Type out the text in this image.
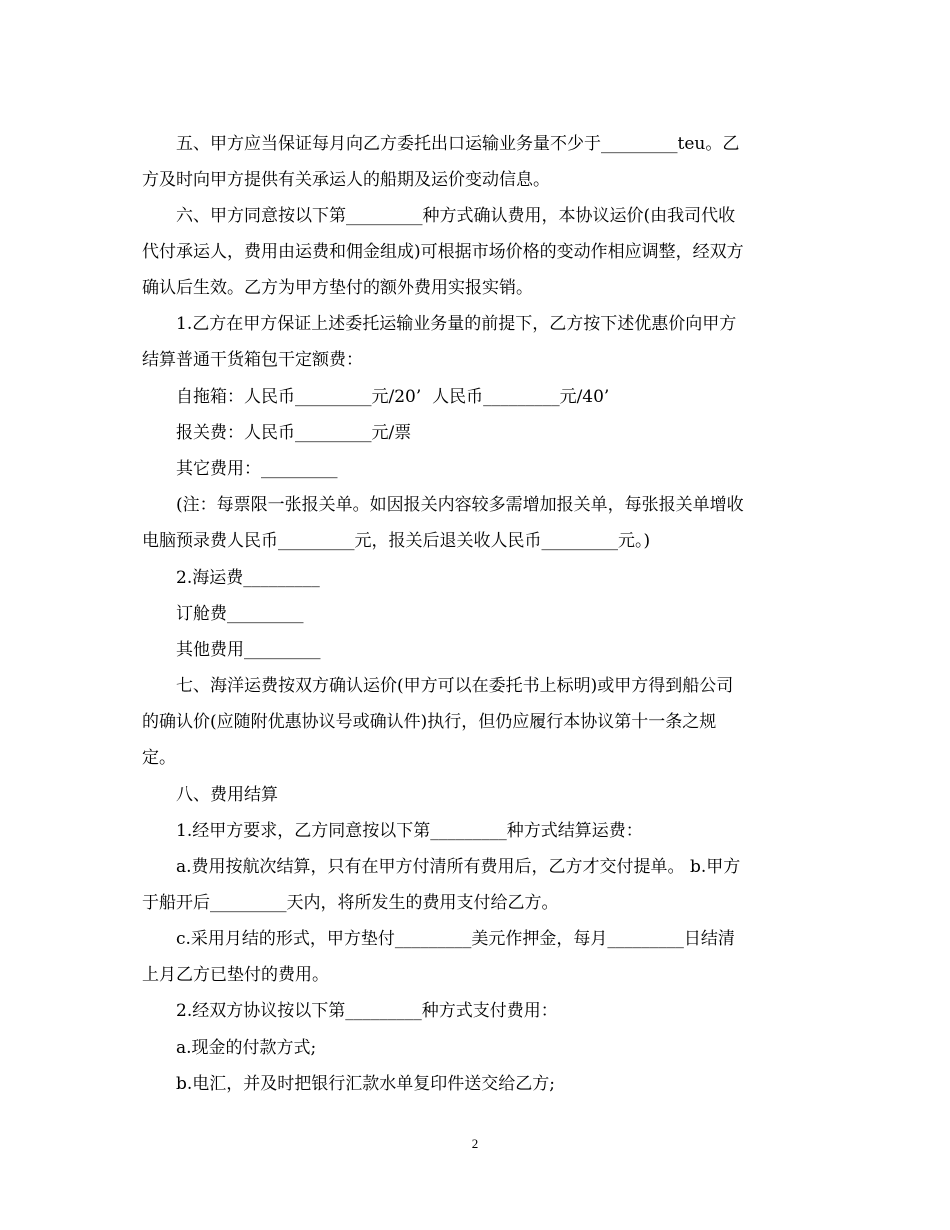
五、甲方应当保证每月向乙方委托出口运输业务量不少于_________teu。乙
方及时向甲方提供有关承运人的船期及运价变动信息。
六、甲方同意按以下第_________种方式确认费用，本协议运价(由我司代收
代付承运人，费用由运费和佣金组成)可根据市场价格的变动作相应调整，经双方
确认后生效。乙方为甲方垫付的额外费用实报实销。
1.乙方在甲方保证上述委托运输业务量的前提下，乙方按下述优惠价向甲方
结算普通干货箱包干定额费：
自拖箱：人民币_________元/20’  人民币_________元/40’
报关费：人民币_________元/票
其它费用：_________
(注：每票限一张报关单。如因报关内容较多需增加报关单，每张报关单增收
电脑预录费人民币_________元，报关后退关收人民币_________元。)
2.海运费_________
订舱费_________
其他费用_________
七、海洋运费按双方确认运价(甲方可以在委托书上标明)或甲方得到船公司
的确认价(应随附优惠协议号或确认件)执行，但仍应履行本协议第十一条之规
定。
八、费用结算
1.经甲方要求，乙方同意按以下第_________种方式结算运费：
a.费用按航次结算，只有在甲方付清所有费用后，乙方才交付提单。 b.甲方
于船开后_________天内，将所发生的费用支付给乙方。
c.采用月结的形式，甲方垫付_________美元作押金，每月_________日结清
上月乙方已垫付的费用。
2.经双方协议按以下第_________种方式支付费用：
a.现金的付款方式;
b.电汇，并及时把银行汇款水单复印件送交给乙方;
2
